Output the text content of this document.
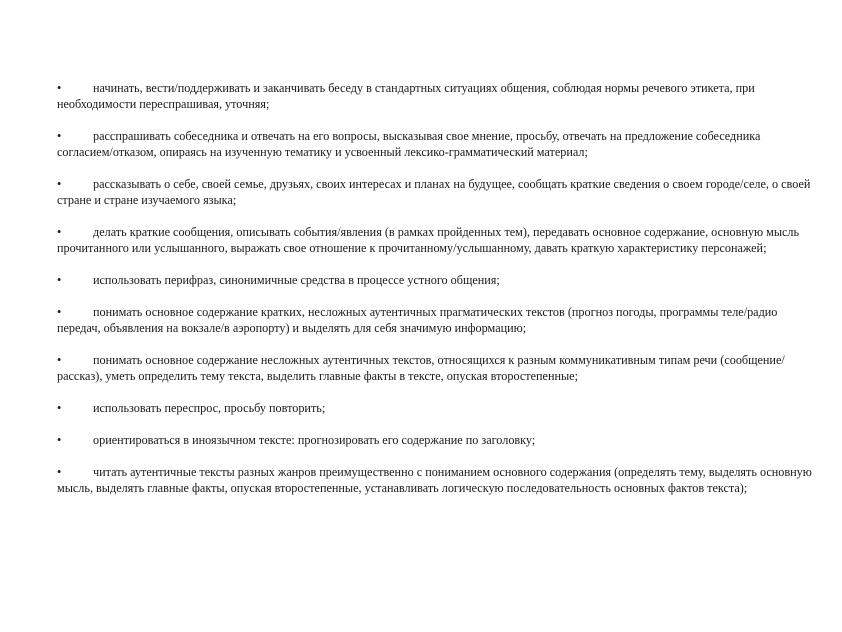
•	начинать, вести/поддерживать и заканчивать беседу в стандартных ситуациях общения, соблюдая нормы речевого этикета, при необходимости переспрашивая, уточняя;
•	расспрашивать собеседника и отвечать на его вопросы, высказывая свое мнение, просьбу, отвечать на предложение собеседника согласием/отказом, опираясь на изученную тематику и усвоенный лексико-грамматический материал;
•	рассказывать о себе, своей семье, друзьях, своих интересах и планах на будущее, сообщать краткие сведения о своем городе/селе, о своей стране и стране изучаемого языка;
•	делать краткие сообщения, описывать события/явления (в рамках пройденных тем), передавать основное содержание, основную мысль прочитанного или услышанного, выражать свое отношение к прочитанному/услышанному, давать краткую характеристику персонажей;
•	использовать перифраз, синонимичные средства в процессе устного общения;
•	понимать основное содержание кратких, несложных аутентичных прагматических текстов (прогноз погоды, программы теле/радио передач, объявления на вокзале/в аэропорту) и выделять для себя значимую информацию;
•	понимать основное содержание несложных аутентичных текстов, относящихся к разным коммуникативным типам речи (сообщение/рассказ), уметь определить тему текста, выделить главные факты в тексте, опуская второстепенные;
•	использовать переспрос, просьбу повторить;
•	ориентироваться в иноязычном тексте: прогнозировать его содержание по заголовку;
•	читать аутентичные тексты разных жанров преимущественно с пониманием основного содержания (определять тему, выделять основную мысль, выделять главные факты, опуская второстепенные, устанавливать логическую последовательность основных фактов текста);
